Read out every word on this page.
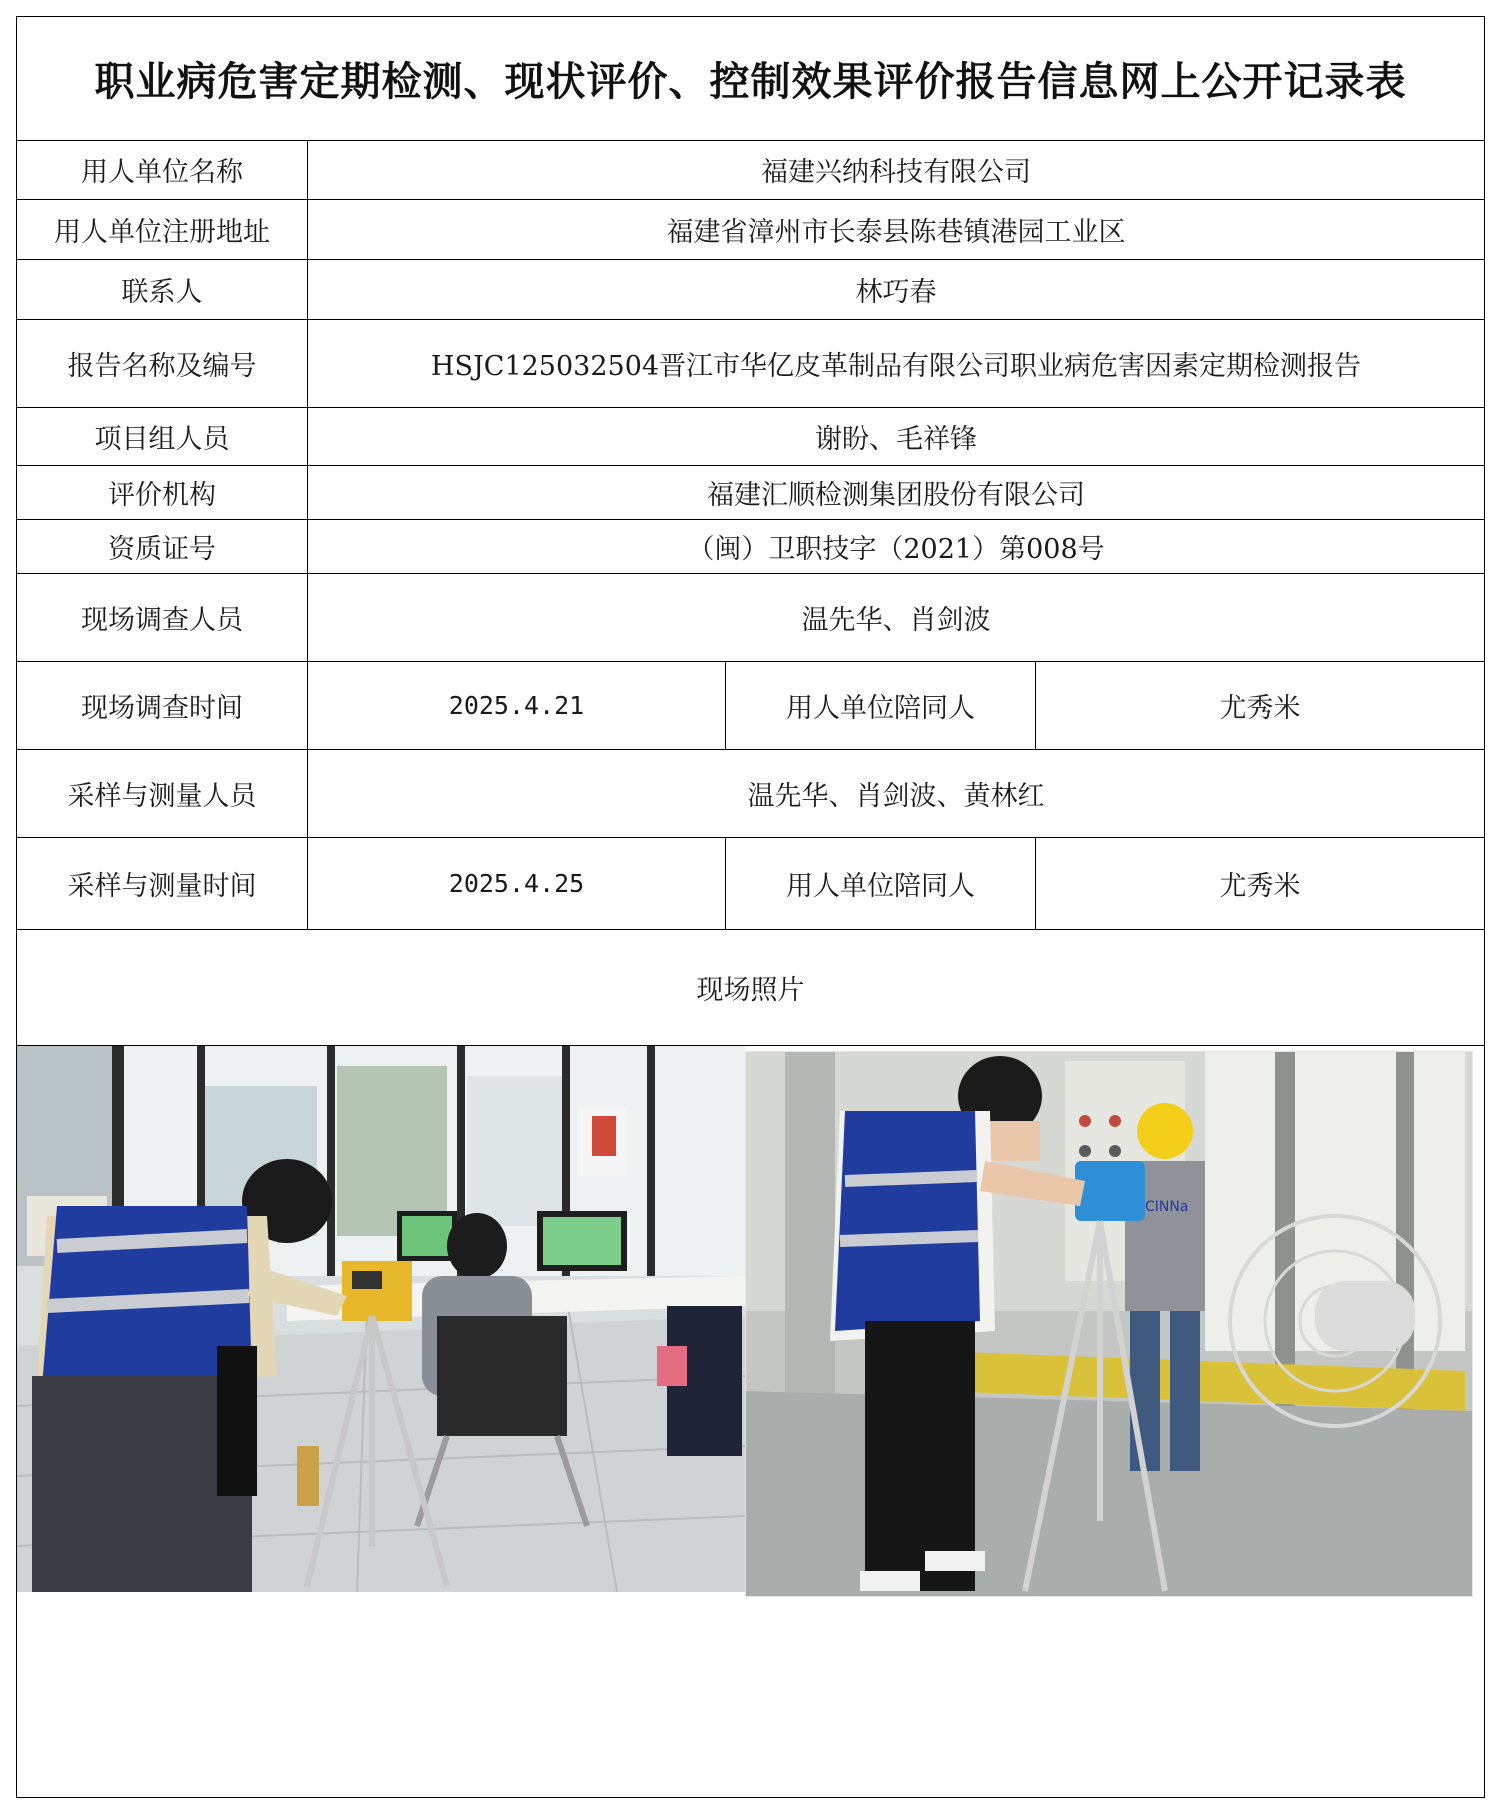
职业病危害定期检测、现状评价、控制效果评价报告信息网上公开记录表
用人单位名称	福建兴纳科技有限公司
用人单位注册地址	福建省漳州市长泰县陈巷镇港园工业区
联系人	林巧春
报告名称及编号	HSJC125032504晋江市华亿皮革制品有限公司职业病危害因素定期检测报告
项目组人员	谢盼、毛祥锋
评价机构	福建汇顺检测集团股份有限公司
资质证号	（闽）卫职技字（2021）第008号
现场调查人员	温先华、肖剑波
现场调查时间	2025.4.21	用人单位陪同人	尤秀米
采样与测量人员	温先华、肖剑波、黄林红
采样与测量时间	2025.4.25	用人单位陪同人	尤秀米
现场照片
CINNa
